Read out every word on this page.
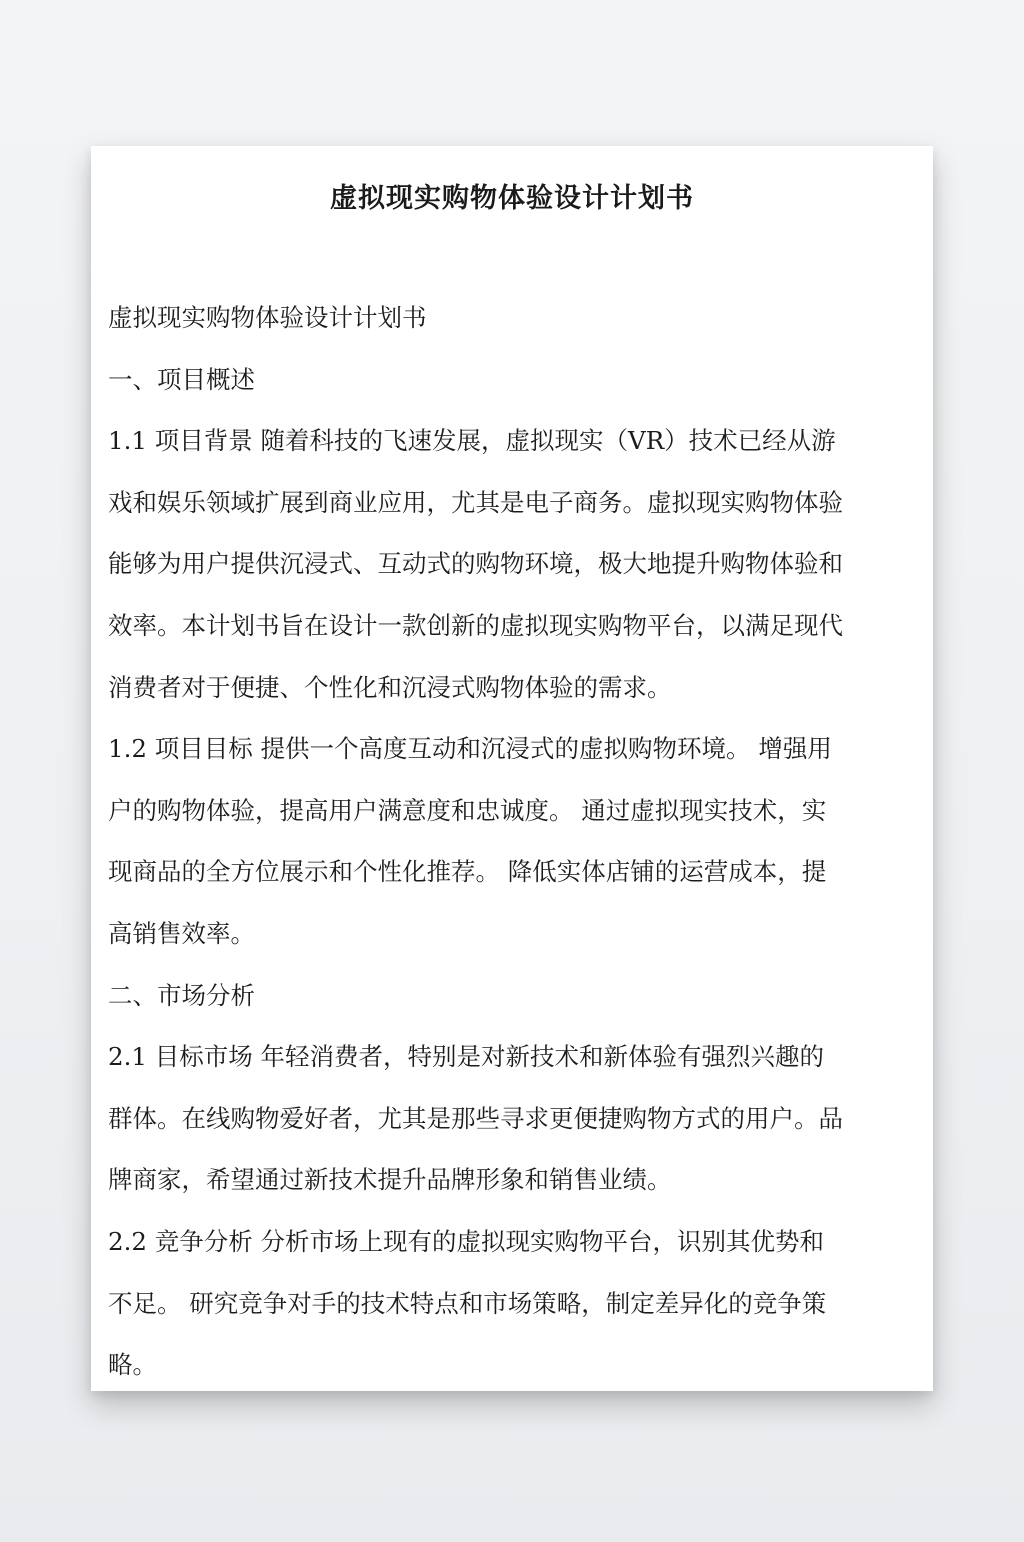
虚拟现实购物体验设计计划书
虚拟现实购物体验设计计划书
一、项目概述
1.1 项目背景 随着科技的飞速发展，虚拟现实（VR）技术已经从游
戏和娱乐领域扩展到商业应用，尤其是电子商务。虚拟现实购物体验
能够为用户提供沉浸式、互动式的购物环境，极大地提升购物体验和
效率。本计划书旨在设计一款创新的虚拟现实购物平台，以满足现代
消费者对于便捷、个性化和沉浸式购物体验的需求。
1.2 项目目标 提供一个高度互动和沉浸式的虚拟购物环境。 增强用
户的购物体验，提高用户满意度和忠诚度。 通过虚拟现实技术，实
现商品的全方位展示和个性化推荐。 降低实体店铺的运营成本，提
高销售效率。
二、市场分析
2.1 目标市场 年轻消费者，特别是对新技术和新体验有强烈兴趣的
群体。在线购物爱好者，尤其是那些寻求更便捷购物方式的用户。品
牌商家，希望通过新技术提升品牌形象和销售业绩。
2.2 竞争分析 分析市场上现有的虚拟现实购物平台，识别其优势和
不足。 研究竞争对手的技术特点和市场策略，制定差异化的竞争策
略。
